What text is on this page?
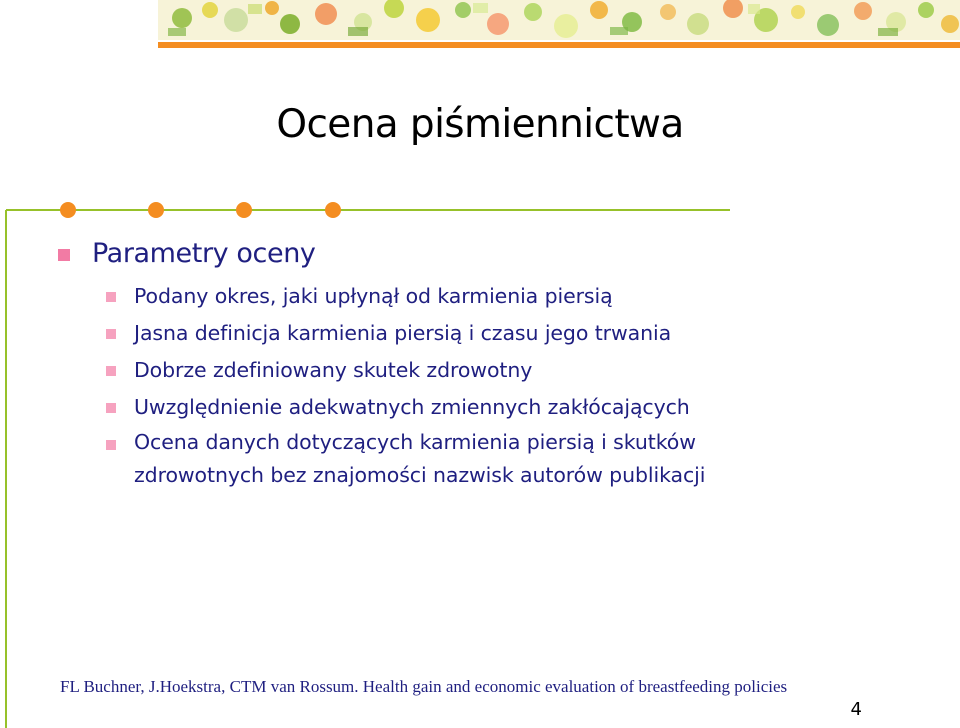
Ocena piśmiennictwa
Parametry oceny
Podany okres, jaki upłynął od karmienia piersią
Jasna definicja karmienia piersią i czasu jego trwania
Dobrze zdefiniowany skutek zdrowotny
Uwzględnienie adekwatnych zmiennych zakłócających
Ocena danych dotyczących karmienia piersią i skutków zdrowotnych bez znajomości nazwisk autorów publikacji
FL Buchner, J.Hoekstra, CTM van Rossum. Health gain and economic evaluation of breastfeeding policies
4
